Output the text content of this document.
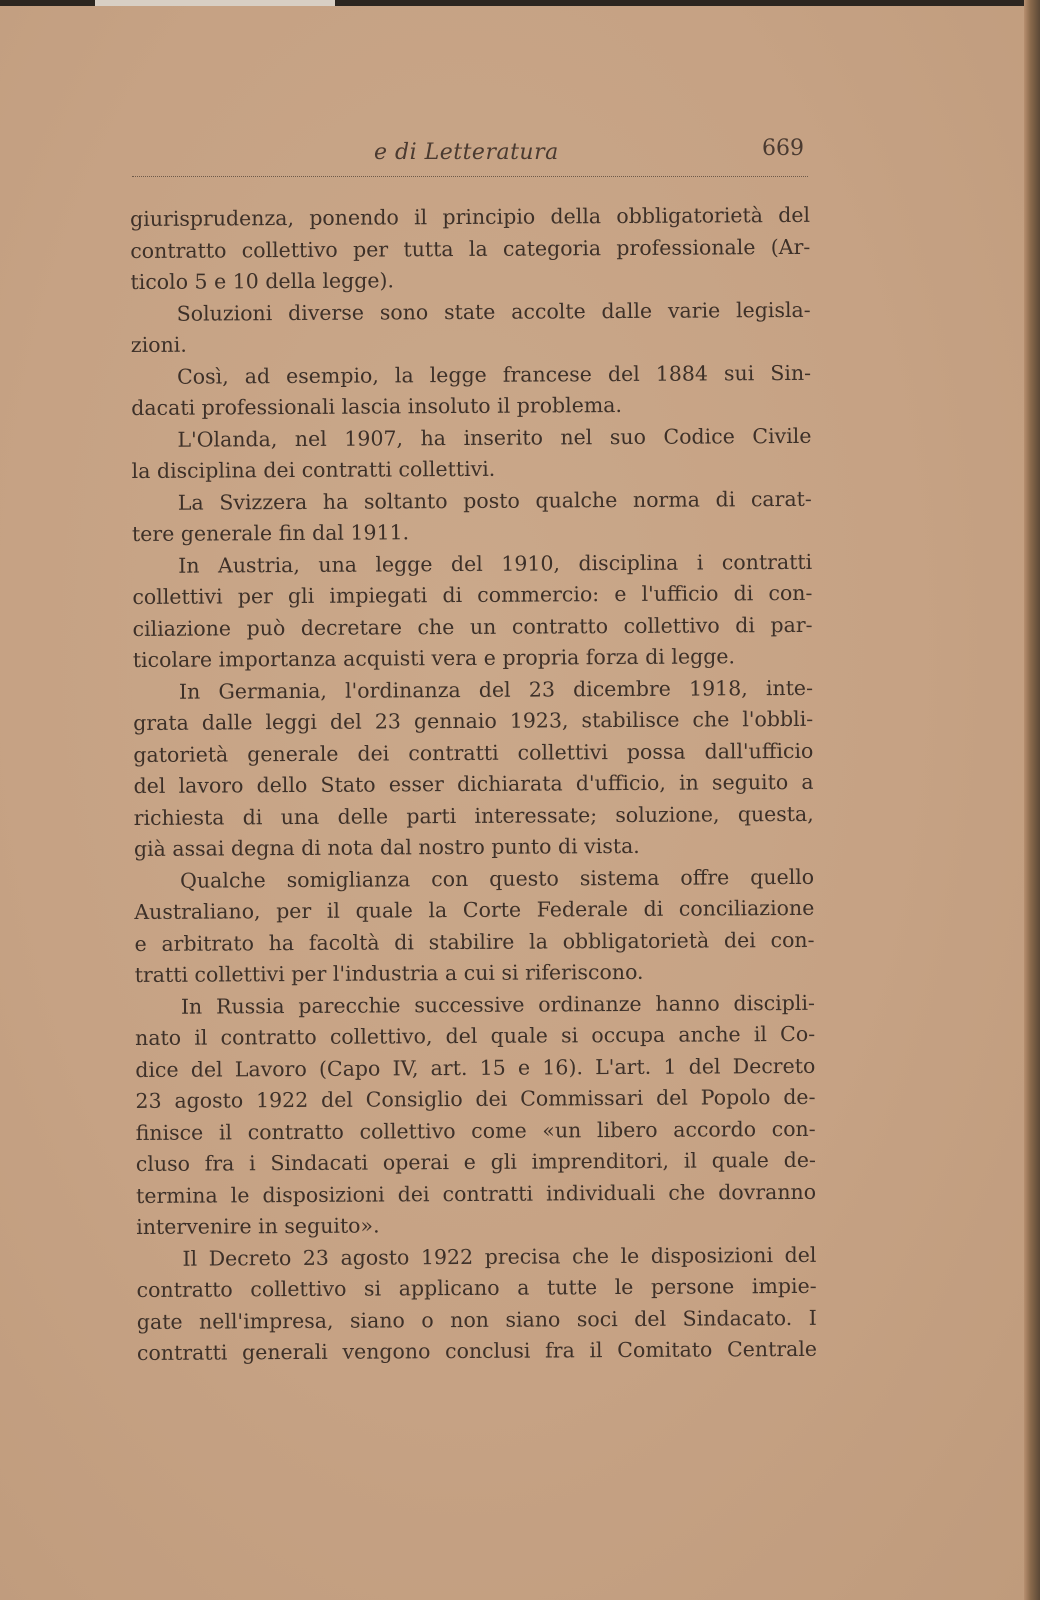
e di Letteratura	669
giurisprudenza, ponendo il principio della obbligatorietà del
contratto collettivo per tutta la categoria professionale (Ar-
ticolo 5 e 10 della legge).
Soluzioni diverse sono state accolte dalle varie legisla-
zioni.
Così, ad esempio, la legge francese del 1884 sui Sin-
dacati professionali lascia insoluto il problema.
L'Olanda, nel 1907, ha inserito nel suo Codice Civile
la disciplina dei contratti collettivi.
La Svizzera ha soltanto posto qualche norma di carat-
tere generale fin dal 1911.
In Austria, una legge del 1910, disciplina i contratti
collettivi per gli impiegati di commercio: e l'ufficio di con-
ciliazione può decretare che un contratto collettivo di par-
ticolare importanza acquisti vera e propria forza di legge.
In Germania, l'ordinanza del 23 dicembre 1918, inte-
grata dalle leggi del 23 gennaio 1923, stabilisce che l'obbli-
gatorietà generale dei contratti collettivi possa dall'ufficio
del lavoro dello Stato esser dichiarata d'ufficio, in seguito a
richiesta di una delle parti interessate; soluzione, questa,
già assai degna di nota dal nostro punto di vista.
Qualche somiglianza con questo sistema offre quello
Australiano, per il quale la Corte Federale di conciliazione
e arbitrato ha facoltà di stabilire la obbligatorietà dei con-
tratti collettivi per l'industria a cui si riferiscono.
In Russia parecchie successive ordinanze hanno discipli-
nato il contratto collettivo, del quale si occupa anche il Co-
dice del Lavoro (Capo IV, art. 15 e 16). L'art. 1 del Decreto
23 agosto 1922 del Consiglio dei Commissari del Popolo de-
finisce il contratto collettivo come «un libero accordo con-
cluso fra i Sindacati operai e gli imprenditori, il quale de-
termina le disposizioni dei contratti individuali che dovranno
intervenire in seguito».
Il Decreto 23 agosto 1922 precisa che le disposizioni del
contratto collettivo si applicano a tutte le persone impie-
gate nell'impresa, siano o non siano soci del Sindacato. I
contratti generali vengono conclusi fra il Comitato Centrale
